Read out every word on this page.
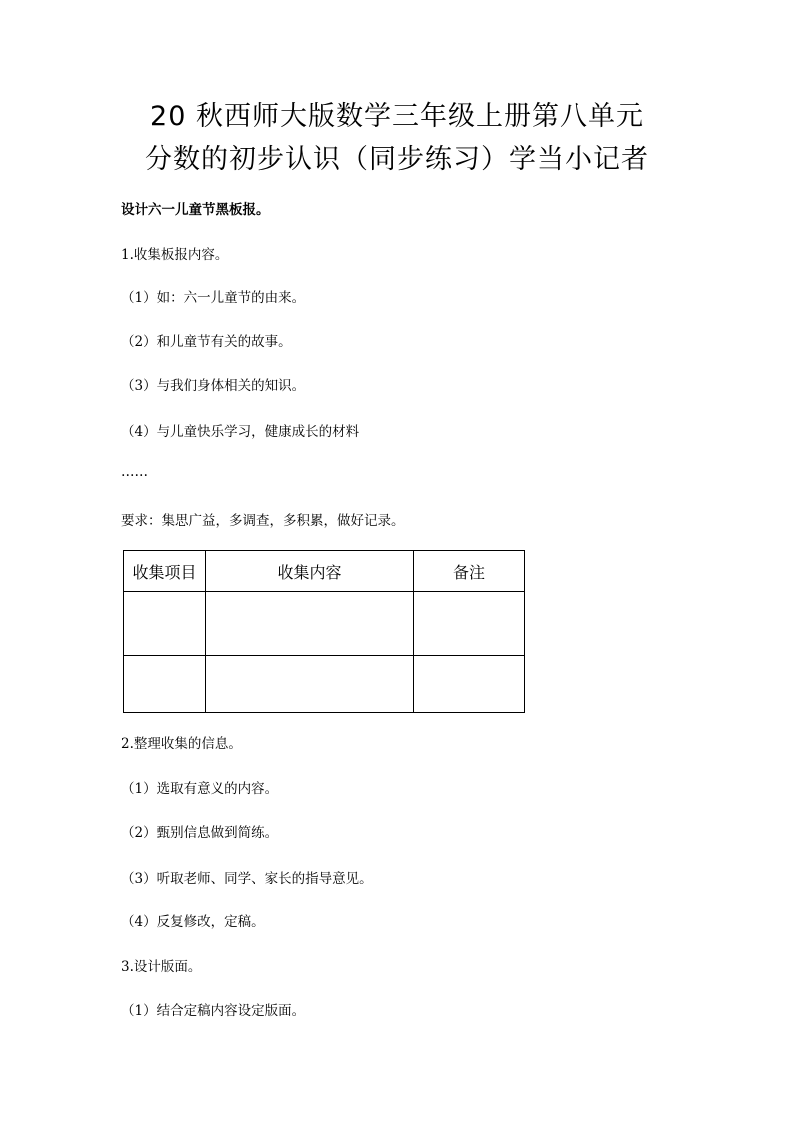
20 秋西师大版数学三年级上册第八单元
分数的初步认识（同步练习）学当小记者
设计六一儿童节黑板报。
1.收集板报内容。
（1）如：六一儿童节的由来。
（2）和儿童节有关的故事。
（3）与我们身体相关的知识。
（4）与儿童快乐学习，健康成长的材料
……
要求：集思广益，多调查，多积累，做好记录。
收集项目	收集内容	备注

2.整理收集的信息。
（1）选取有意义的内容。
（2）甄别信息做到简练。
（3）听取老师、同学、家长的指导意见。
（4）反复修改，定稿。
3.设计版面。
（1）结合定稿内容设定版面。
